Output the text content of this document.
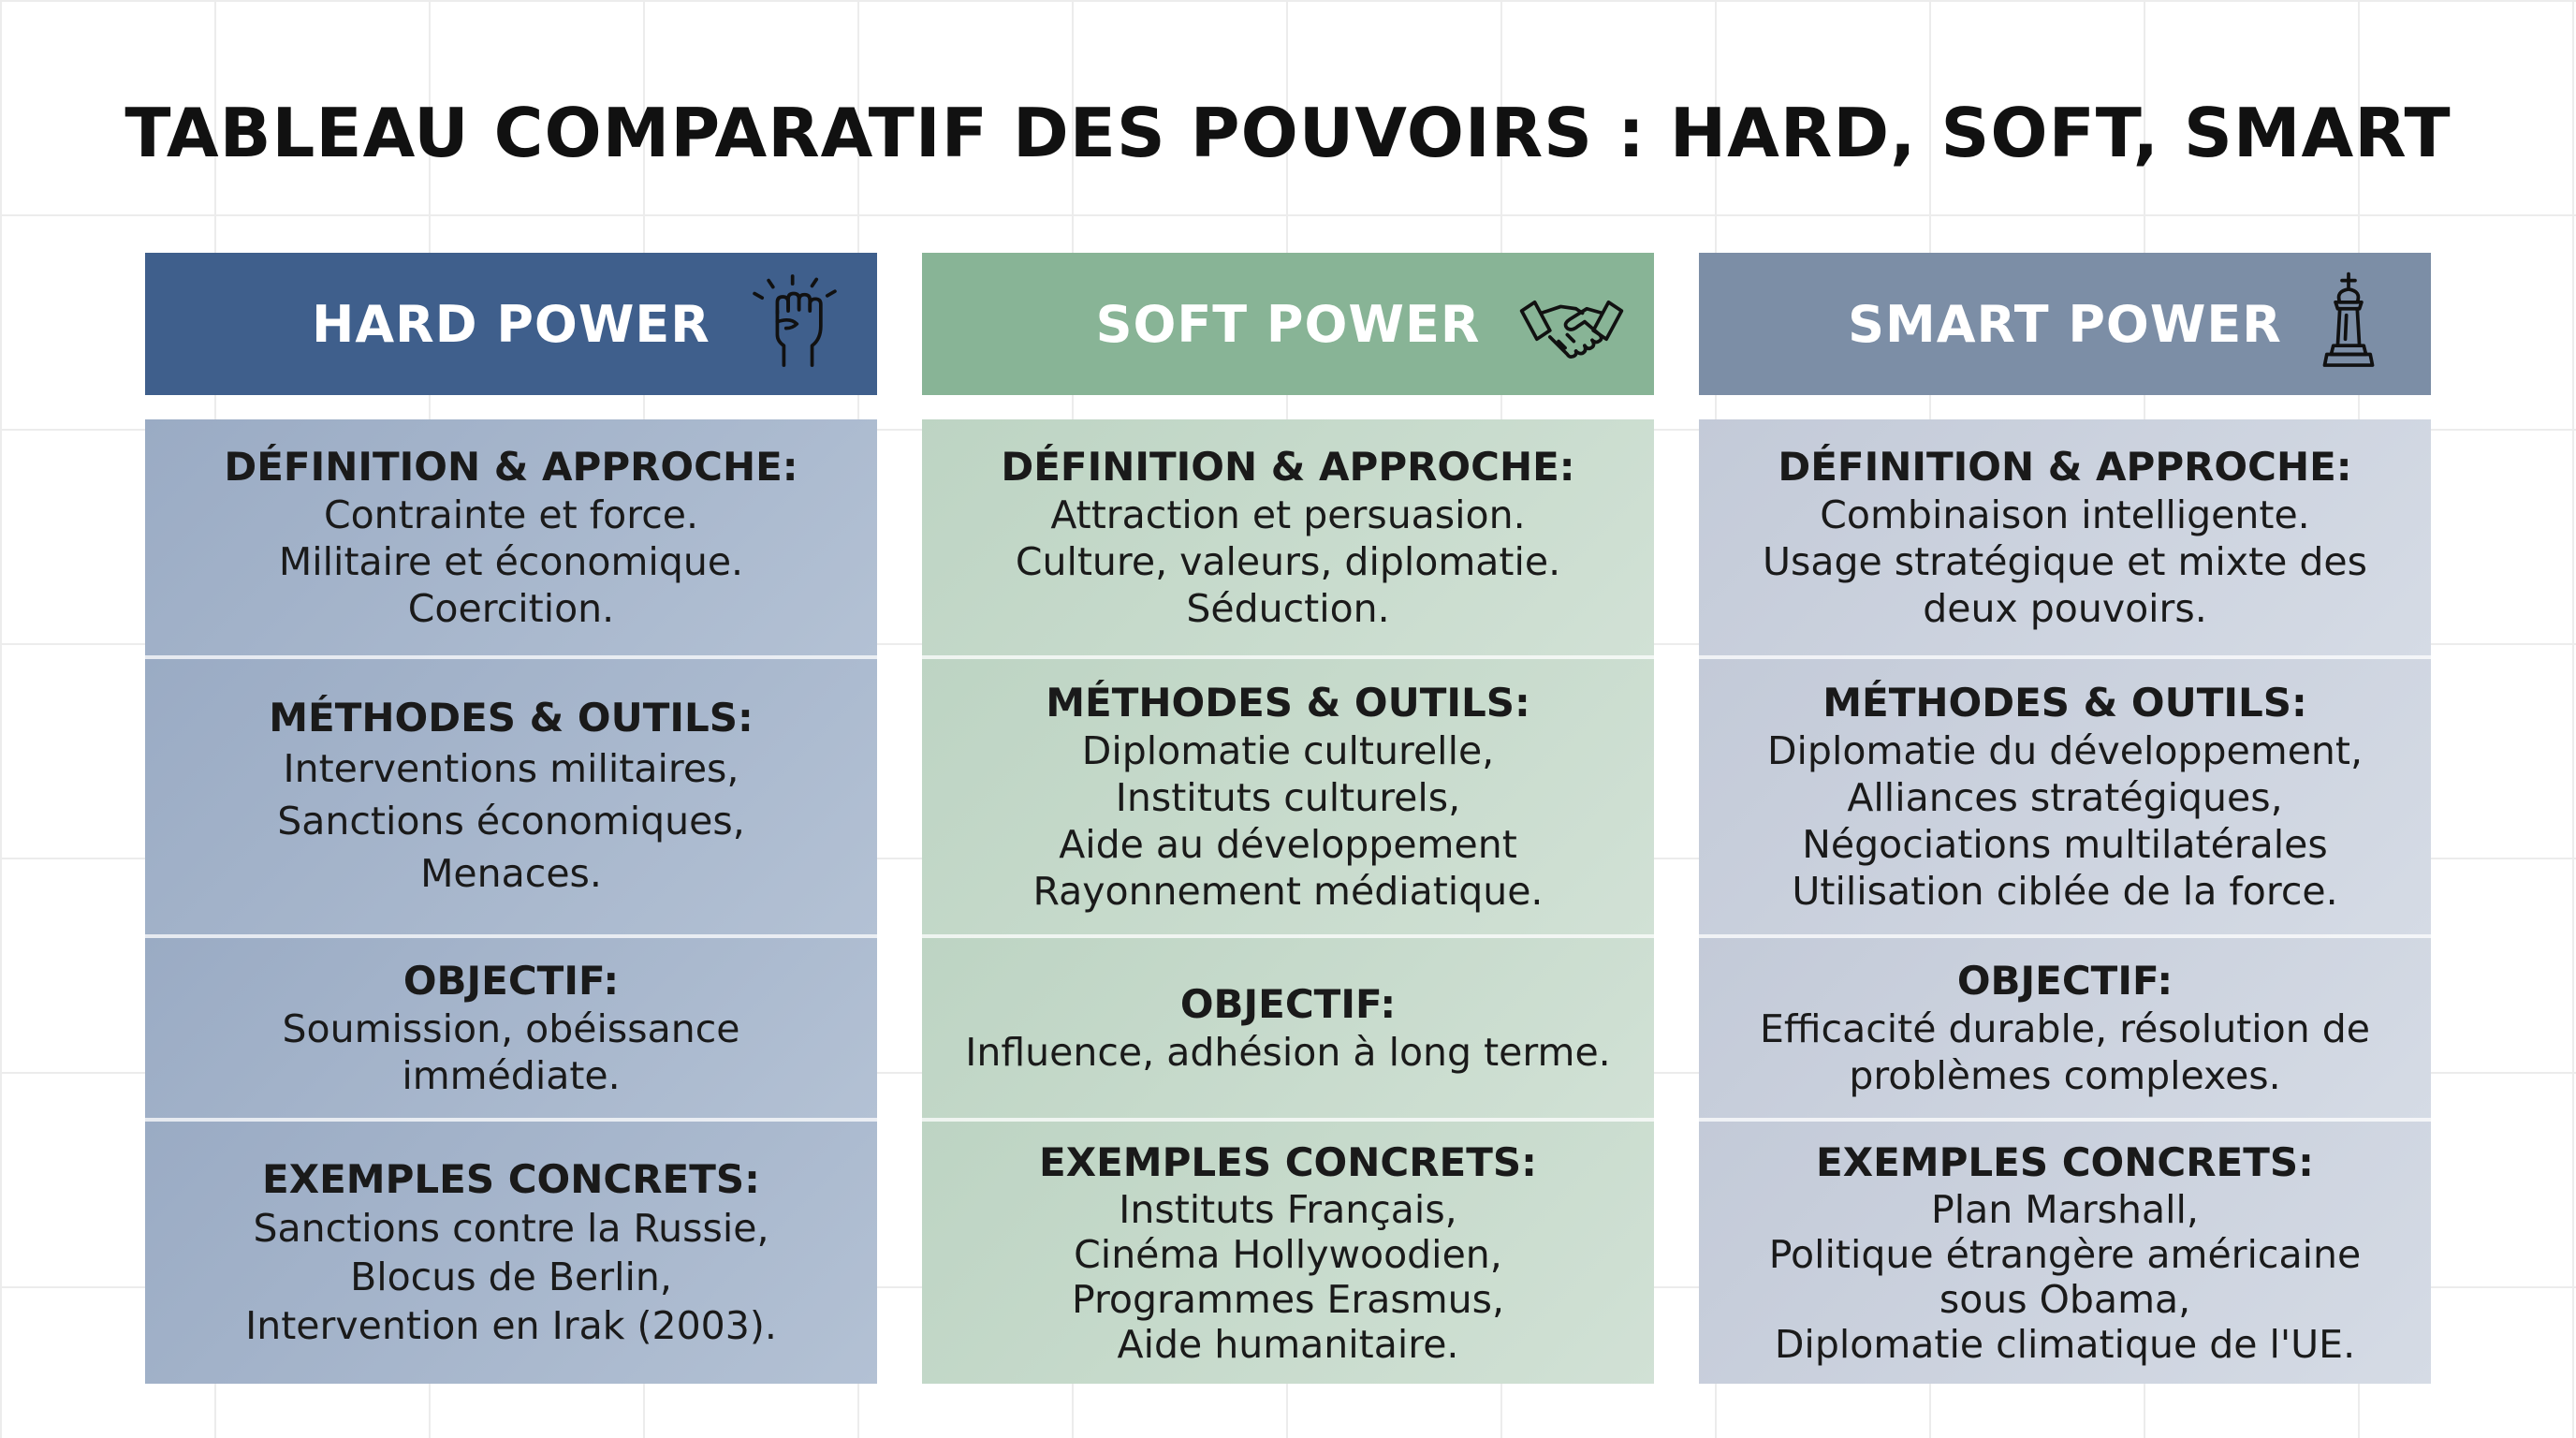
TABLEAU COMPARATIF DES POUVOIRS : HARD, SOFT, SMART
HARD POWER
DÉFINITION & APPROCHE:
Contrainte et force.
Militaire et économique.
Coercition.
MÉTHODES & OUTILS:
Interventions militaires,
Sanctions économiques,
Menaces.
OBJECTIF:
Soumission, obéissance
immédiate.
EXEMPLES CONCRETS:
Sanctions contre la Russie,
Blocus de Berlin,
Intervention en Irak (2003).
SOFT POWER
DÉFINITION & APPROCHE:
Attraction et persuasion.
Culture, valeurs, diplomatie.
Séduction.
MÉTHODES & OUTILS:
Diplomatie culturelle,
Instituts culturels,
Aide au développement
Rayonnement médiatique.
OBJECTIF:
Influence, adhésion à long terme.
EXEMPLES CONCRETS:
Instituts Français,
Cinéma Hollywoodien,
Programmes Erasmus,
Aide humanitaire.
SMART POWER
DÉFINITION & APPROCHE:
Combinaison intelligente.
Usage stratégique et mixte des
deux pouvoirs.
MÉTHODES & OUTILS:
Diplomatie du développement,
Alliances stratégiques,
Négociations multilatérales
Utilisation ciblée de la force.
OBJECTIF:
Efficacité durable, résolution de
problèmes complexes.
EXEMPLES CONCRETS:
Plan Marshall,
Politique étrangère américaine
sous Obama,
Diplomatie climatique de l'UE.
